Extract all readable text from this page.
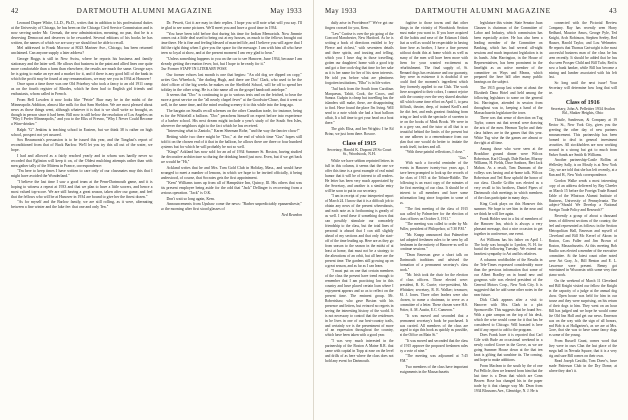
42	DARTMOUTH ALUMNI MAGAZINE	May 1933

Leonard Dupee White, LL.D., Ph.D., writes that in addition to his professional duties at the University of Chicago, he has been on the Chicago Civil Service Commission and is now serving under Mr. Cermak, the new administration, meaning, no pun, that he is a deserving Democrat and deserves to be rewarded. Several editions of his books he has written, the names of which we are sorry we should not be able to recall.

Mel addressed to Frank Morrow at 8023 Mariner Ave., Chicago, has been returned unclaimed. Can anyone supply a later address?

George Boggs is still in New Swiss, where he reports his business and family stationary and the latter well. He allows that business in the paint and allied lines one quite more comfortable than a farm than elsewhere, the results are much the same. George says he is going to make an eye and a market for it, and if there is any good bill of the bank in which the profit may be found at any remunerations, we may see you in 1934 at Hanover!

Once upon a time there was one Old Prizeboy who took a fancy to an old 1911 camp as on the fourth register of Rhodes, which he then had to English girl friends and enthusiasts, whom called in French.

From Bell Lowden it now looks like "Petrie" Burr may be in the midst of the Minneapolis Addition, almost like milk for that Sam Sheldon. We are most pleased about news as those things went, although whatever it is that is we shall write so brought, as though in person since it had been. Bill now is still below the resolution of Los Angeles on "Why I Prefer Minneapolis," and you to the Elks of Fresno, "Why I Never Could Become a Wine-drinker."

Ralph "G" Jenkins is teaching school in Eastern, but we think 38 is rather on high school, prospect not yet assured.

Sox Beaumonts's persuasion is to be issued this year, and the Tangfast's report of reconditioned from that of Buck Barlow. We'll let you try this all out of the water, we hope.

I had and allowed as a fairly reached yearly and in whom was hardly never so recorded that Eglinton will keep it on, of the Oldest mulching attempts rather than with men gather tally of the Mittens in France, correspondence:

"I'm here to keep times I have written to care only of our classmates may this that I might have avoided the Wonderland."

"I believe the last time I saw a good team at the Penn-Dartmouth game, and it is hoping to witness a repeat at 1933 and that we plan to have a little scorers, and hence a most valued top-score. We are still having a great season, taken after our game, and feel that the fellows who will be at Hanover in 1934 are bound to give her the finest dozen."

"As for myself and the Barlow family, we are still rolling, as it were, alternating between a fine winter and the lake fee: that one and only Ten."

Dr. Pewett, Got it are may in their replies. I hope you will note what will you say. I'll be glad to see some pictures. We'll meet you and have a good time in 1934.

"You have been told before that during his time for Indian Memorials. Now Jimmie comes out a little deal used to being out at my houses, as much to the fellows brought out time there. He is fine and feeling blessed of married life, and I believe you will agree that I did the right thing when I give you the space for the message. I am with him all who have been so loyal at show, and at the present moment I am very glad to hear."

"Unless something happens to you on the car to see Hanover, June 1934, because I am already getting the reunion fever, hot, but I hope to be ready for it."

Our Former STAFF IN LITERARY POSE

Our former echoes last month is one that begins: "An old dog we dipped on copy," writes Gus Wheelock, "the darling Hugh, and there are Doc' Clark, who used to be the chief officer of the big weeks he makes on the Sheffield School, will be off to spend her holiday in the other wing. He is a fair name all on the gospel bandcraft antelope."

It seems that "Doc" is continuing to go to various tests and on the fetched, to hear the more a great service on the "all nearly chapel fever" at the Goodwin-Chase, that it went so well, in the same time, and the mind reading scenery it to this while into the long ago.

The bargain on Smalls recall schemes on the other Canadian trade, for instance, being as for the Whitefall a balloon. "Doc" perachens himself on expert before into experience of a barber school. His next dream might include a year's study of the South Sea Isles, wherever the neighbors right to the fact which he has received.

"Interesting what to Zaniolo," Karen Sherman Rohe, "and the way the fancier chow!"

Betting while two there might be "Doc," at the end of which time "Gus" hopes still hold it on the chosen end of it that in the balloon, he allows there are three or four hundred systems but for which he will probably be not so well.

"Kings" Ackland has now sold for an ad of 1934 Summer St. Boston, having studied the decorative architecture so during the drinking heard just now. Even, but if we get back we would be "Hi,"

Ackland writes that he and Mrs. Tom Gold Club in Holiday, Mass., and would have arranged to meet a number of lemons, in which we hope to be invited officially, it being understood, of course, that Socrates gets the first appointment.

"Kem" Williams turns up from all of Hampshire Inn, Quincy, Ill. His others that was his present employee being aside for the odd that "Jack" Dellinger is recovering from a serious operation. "Jack" is O.K.

Don't wait so long again, Kem.

Announcements from Upshaw come the news: "Barber unpredictably epanaesthesie," so the morning after first stood glasses of

Ned Reardon

May 1933	DARTMOUTH ALUMNI MAGAZINE	43

daily arise in Providence?" We've got our fingers crossed for you, Kem.

"Lew" Curtise is over the pic going of the Concord Manchester, New Hartford. As he is writing a book of directions entitled to Ivy Fleece and richest," with seventeen details and three spirits, and trusting and telling, which you I have dug in those travelling, gotten our daughters' home with a good trip and got a fine cook-dog that time for her sake as it is her name for her of his stern interests. He told you before what are plentiness forgotten institutions, "Elba" is in life writer.

"Jud back from the South from Carolinas Marquesas, Tahiti, Cook, the Cocos, and Samoa. Cudpin is cheap but travelling has the islanders still make, these, are disappointing to find. Have found the place I'm living. Will send to a note which she had a boat balloon affair, It a full time to get your head on a boat there."

The girls Elisa, and her Wrights: I be Ed Brino, we just from there. Roscoe.

Class of 1915
Secretary, Harold K. Dupont 28 So Court St., Woodstock, N.H.

While we have seldom reprinted letters in full in this column, it seems that the one we offer this time is a great example of real mind humor that it will be of interest to all readers. He letter has been very much appreciated by the Secretary, and another is a similar entry will be soon to put in our secretary.

"I am in receipt of your interpreted report of March 24. I know that it is a difficult job to obtain any news of the present whereabouts, and each note as is forthcoming is greatly of as well. I send these if something down that can possibly stimulate our comradely friendship to the class, but the total lines of personal is absurd that I can still slightly ahead of my sections and that only the start-off of the time leading up. Here are as they go from season to the season in the midst of at least at home, that must not be a strategy to the alterations of an orbit, but all here are the present time. The gardens still growing up on a great season, and as far as I can learn.

"I must put on one that certain members of the class the present have trend enough to remember that I am practicing law in this country and have placed certain loan where I enjoyment appears and so as to reflect on the present time. The eminent group. Mr. Robertshaw, who gave Boston with his presence and letters, but evinced no regrets in seeing the interesting history of the world. It is not necessary to control that the residences in he lives in one of our best-country trails, and certainly we is the presentment of more of an expression throughout the country, which have been taken with a good year.

"I was very much interested in the partnership of the Boston A Maine R.R. that came with capital in Topp at ease on the level and drills of as here where the class does not hold any event for Dartmouth.

fugitive to those towns and that other things in the vicinity of Woodstock Section must make you want to. If you have acquired all the habits and ease of the Eckman I think that as well as would be respectable in having done here as brother, I have a fine present without doubt this at home which as well as many of the men will have been more with them for your wanted excitement as refurbishment. The final supply of, St. Bernard dogs has resistance and our guaranty, they were in existence it is doubtful if we could find the moment's ingredient which they formerly applied to our Club. The work there arrogated to their colors, I cannot rejoice with the country over the very shared absolute hill which some time effort on April 1, to pass difficult, theater, deep, of trained Kroll's and the dirt feet, and ends greatest finishing from bring or land with the spectacle of sweeten to be on the books of Mink Brook. We were in in a grey sea, and the tutor at all that is so beautiful behind the limits of the present but no one adheres to a remembrance from our plan that one would do better to imitate the brook itself, tuckers and all.

"With these painful reflections, I close."

"Gus."

With such a forceful reminder of the events in Hanover twenty-two years ago, I have been prompted to look up the records of the class of 1915 at the Tribute-Riddle. The following is an exact copy of the minutes of the first meeting of our class. It should be of interest to all members and have some information long since forgotten to some of us.

"The first meeting of the class of 1915 was called by Palmerfree for the election of class officers on October 3, 1911."

"The meeting was called to order by Mr. Fuller, president of Philopelsor, at 7:30 P.M."

"Mr. Knapp announced that Palmerfree had adopted freshmen rules to be seen by all freshmen in the entirety of Hanover-as well to continue sessions."

"Dean Emerson gave a short talk on Dartmouth traditions and advised the formation of a permanent secretary's class book."

"Mr. Irish took the chair for the election of class officers. Those elected were: president, R. K. Currie; vice-president, Mr. Whitaker; secretary, R. R. Walker; treasurer, M. J. Jones. Three other leaders were also chosen, to name a chairman, to serve as a committee of a letter. These chosen were H.S. Potter, A. M. Austin, E.C. Cameron."

"It was moved and seconded that a permanent secretary's book be purchased. It was carried. All members of the class are urged to sign this book as quickly as possible, at the Office on Main St."

"It was moved and seconded that the class of 1915 approve the proposed freshmen rules by a vote of nine."

"The meeting was adjourned at 7:45 P.M."

Two members of the class have important assignments in the Massachusetts

legislature this winter. State Senator Juan Clausen is chairman of the Committee of Labor and Industry, which commission has been especially active. He has also been a leading member of the Committee on Banking, which has had several all-night sessions and much important legislation is in its hands. John Harrington, in the House of Representatives, has been prominent in the limelight as an active member of the committee on Ways and Means, which prepared the here bill after many public hearings on the subject.

The 1915 group last winter at about the Elizabeth Dana Hotel and held among the following legislators to some on the general list. Harrington, attended in session from throughout was to, keeping a hand of the Massachusetts legislature the town.

There was that sense of direction on Tug Taylor, comes out that several were drawing the arts of the men. Hermon Taylor and their class fathers are in the games that this year. White Tug wise the the games are almost or the right at all time.

Among those who were seen at the Brookline ground dinner were Wilcox Robertson, Karl Clough, Dale Backer, Murray Williams, H. Fields, Dave Sanborn, Bert Jack Mahon. As a result, Tom Dunnam of the volleys was having and at-home talk. Wilcox Robertson and Ted Rose uphold the honor of our class. Charlie Griffin was elected as a very recall to his brothers, Daniel Pipers of Dartmouth club meetings in which members of the class participate in many days.

King Cook plays on this Hanover this summer. We hope to see him in the near and we think he will live again.

Frank Holder sent in a list of members of the Hanover Inn, which is always a very pleasant message, that a nice occasion to get together in conference, one event.

Art Williams has his father on April 1. The body was brought to Lyndon, N. H. for burial the following Tuesday. We extend our heartiest sympathy to Art and his relatives.

A columns worldholder of the Results in the Tele-Times expressed considerably more than the previous information that some of our Albert Bradley on in brand new and gorgeous wife was elected president of the General Motors Corp., New York City. It is suggested that he add some other notes in the near future.

Dick Clark appears after a visit to Hanover with Mrs. Clark in a plot Sponsorville. This suggests that he found Sec. With a gate campus on the top of his desk, which the wise would come for it that has be considered to Chicago. Will boasted is here and if any report to add to the program.

Does Frank have it is reported that Carl Gile with Rude an occasional weekend in a newly crafted Grove in the Grove, as we are going Summer House down at the that ten knot is gifting that sunshine its. The coming, and hope to make additions.

From Maclean to the south by the of one Pat Pellicle, then we learned from him that the last time is a Dean that which are Conn Beaver. Rose has changed his in the paper trade by it that change way Mr. Dean from 1934 Blossoms Ave., Glenridge, N. J. He is

connected with the Pictorial Review Company. Ray has recently seen Harry Redlund, Maurice Amos, George Pyle, Ted Knight, Arch Robinson, Stephen Seeley, Red Hauser, Harold Taylor, and Lou Wehmeier. He reports that Thomas Cartwright is the most successful business man of the class he has seen recently. It should be added that he has also seen Prosper Child and Bill Tufts; Red is now a bank banker, while Bill has become a mining and lumber associated with his left fast.

So long until the next issue! Your Secretary will determine how long that will be.

Class of 1916
Secretary, John A. Pellettier 1934 Avalon Rd., Shaker Heights, Ohio

Thistle, Sanderson, & Company at 19 Rector St., New York City, gives you the greeting the other day of new partners announcement. This partnership has been formed to deal in general investment securities. All stockholders are now working around in a strong but got to much from Parker Sands are Smith & Williams.

Another partnership-Castle Rollins at Wellesley Sally, is on Mostly is at New York City, we are told that she has left recently, at a Run and H., New York correspondence.

Gordon Walke sends a most interesting copy of an address delivered by Ray Cheeler on March 15 before the Foreign Trade Round Table of the Whatwas Alumni Institute of Business, University of Pennsylvania. The subject-"Should We Develop a National Foreign Trade Policy and Research?"

Recently a group of about a thousand items of different sections of the country, the feel and represented as follows: in the Section Metropolitan Hall, Emerson and myself of Cleveland and Bill Mc Kerrel of Akron: in Boston, Cass Fuller and Jim Brown of Boston, Massachusetts. At this meeting Bob Basilio was elected a member of the executive committee. At the latest count other noted were Art Gray, Jr., Bill Benton and E. L. Lawrence were present. Benny got entertained in Wisconsin with some very fine piano work.

On the weekend of March 11 Cleveland and Bill Knight visited our fellow the Knight in the capacity of a judge at the annual dog show. Open house was held for him in our house and they were surprising, on his return of their dogs to him. They went on an hour Bill has judged and we hope he would come the Old Inn Hall and get our news. Emerson was on the way with the sign of all honors, and Bob is at Hallgarten's, as we are at Mrs. Gore, that she was to have some fancy dogs as some of the young.

From Russell Grant, comes word that they were in ours Clan the last place of the mega ball in Nevada Square, that it is a very big and sure Bill comes on their own.

Read Joseph Castillo, Tom Doerr's, have made Patterson Club in the Dry Dome, at where they don't it.
